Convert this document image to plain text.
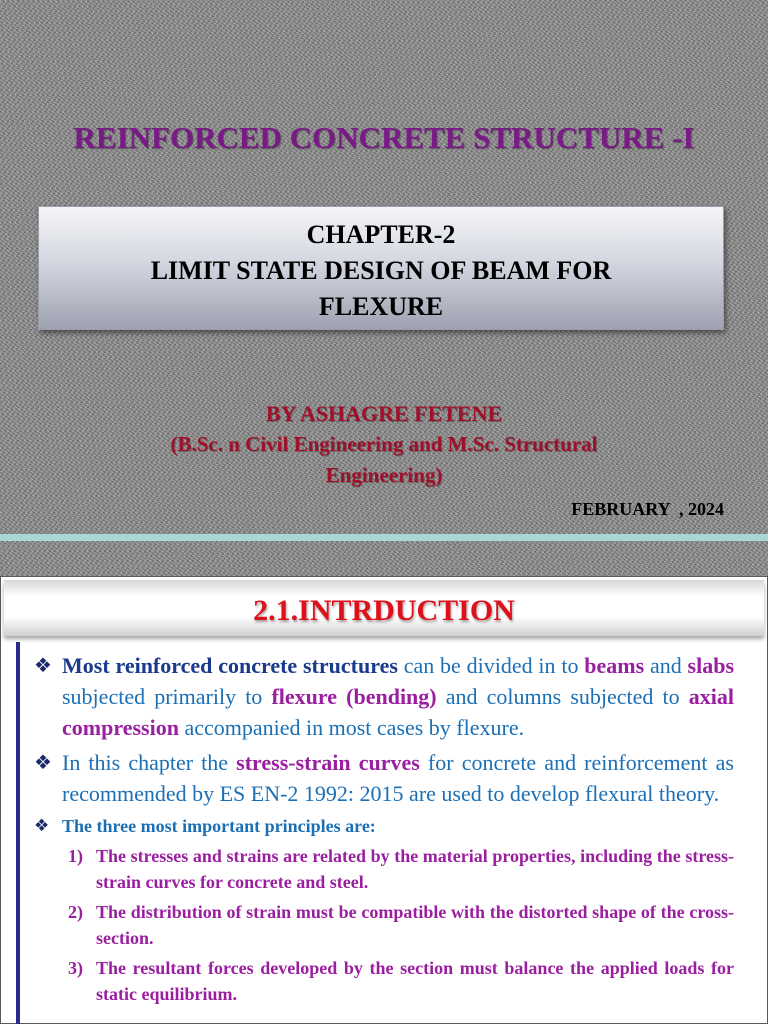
REINFORCED CONCRETE STRUCTURE -I
CHAPTER-2
LIMIT STATE DESIGN OF BEAM FOR
FLEXURE
BY ASHAGRE FETENE
(B.Sc. n Civil Engineering and M.Sc. Structural
Engineering)
FEBRUARY  , 2024
2.1.INTRDUCTION
❖ Most reinforced concrete structures can be divided in to beams and slabs subjected primarily to flexure (bending) and columns subjected to axial compression accompanied in most cases by flexure.
❖ In this chapter the stress-strain curves for concrete and reinforcement as recommended by ES EN-2 1992: 2015 are used to develop flexural theory.
❖ The three most important principles are:
1) The stresses and strains are related by the material properties, including the stress-strain curves for concrete and steel.
2) The distribution of strain must be compatible with the distorted shape of the cross-section.
3) The resultant forces developed by the section must balance the applied loads for static equilibrium.
